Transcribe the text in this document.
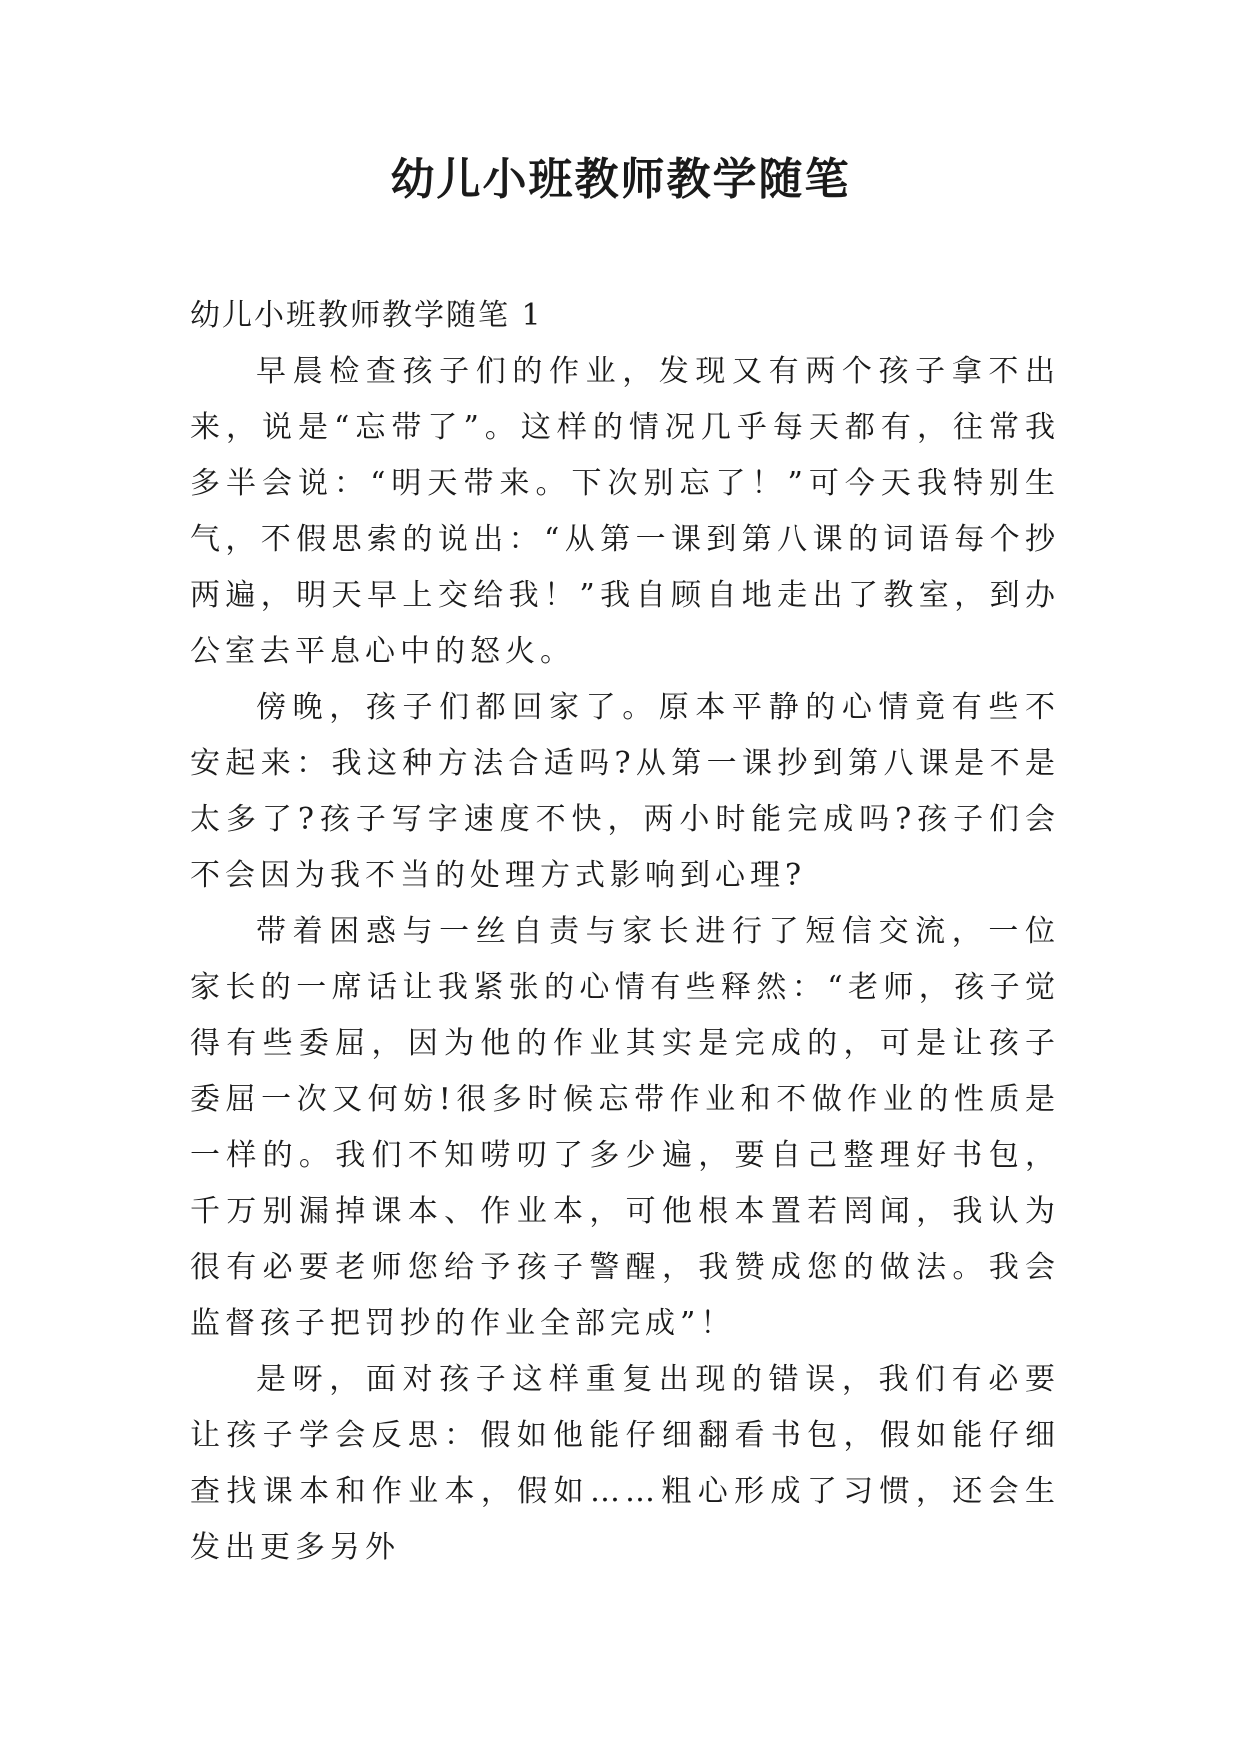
幼儿小班教师教学随笔

幼儿小班教师教学随笔 1

早晨检查孩子们的作业，发现又有两个孩子拿不出来，说是“忘带了”。这样的情况几乎每天都有，往常我多半会说：“明天带来。下次别忘了！”可今天我特别生气，不假思索的说出：“从第一课到第八课的词语每个抄两遍，明天早上交给我！”我自顾自地走出了教室，到办公室去平息心中的怒火。

傍晚，孩子们都回家了。原本平静的心情竟有些不安起来：我这种方法合适吗?从第一课抄到第八课是不是太多了?孩子写字速度不快，两小时能完成吗?孩子们会不会因为我不当的处理方式影响到心理?

带着困惑与一丝自责与家长进行了短信交流，一位家长的一席话让我紧张的心情有些释然：“老师，孩子觉得有些委屈，因为他的作业其实是完成的，可是让孩子委屈一次又何妨!很多时候忘带作业和不做作业的性质是一样的。我们不知唠叨了多少遍，要自己整理好书包，千万别漏掉课本、作业本，可他根本置若罔闻，我认为很有必要老师您给予孩子警醒，我赞成您的做法。我会监督孩子把罚抄的作业全部完成”！

是呀，面对孩子这样重复出现的错误，我们有必要让孩子学会反思：假如他能仔细翻看书包，假如能仔细查找课本和作业本，假如……粗心形成了习惯，还会生发出更多另外
